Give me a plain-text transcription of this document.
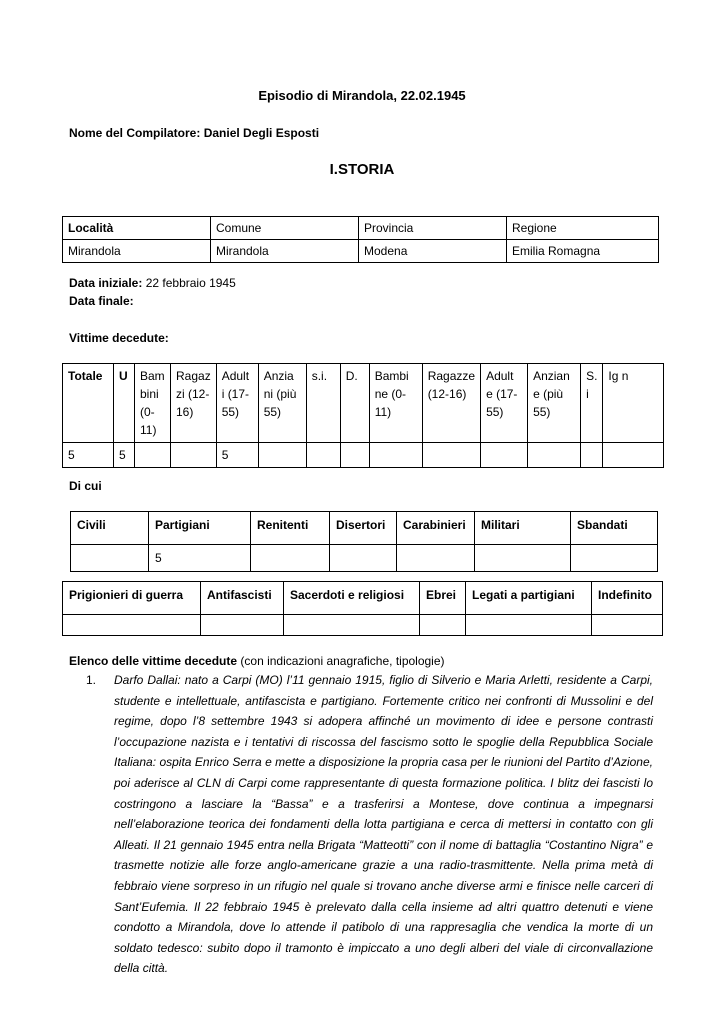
Episodio di Mirandola, 22.02.1945
Nome del Compilatore: Daniel Degli Esposti
I.STORIA
Località	Comune	Provincia	Regione
Mirandola	Mirandola	Modena	Emilia Romagna
Data iniziale: 22 febbraio 1945
Data finale:
Vittime decedute:
Totale	U	Bam bini (0-11)	Ragaz zi (12-16)	Adult i (17-55)	Anzia ni (più 55)	s.i.	D.	Bambi ne (0-11)	Ragazze (12-16)	Adult e (17-55)	Anzian e (più 55)	S. i	Ig n
5	5			5									
Di cui
Civili	Partigiani	Renitenti	Disertori	Carabinieri	Militari	Sbandati
	5					
Prigionieri di guerra	Antifascisti	Sacerdoti e religiosi	Ebrei	Legati a partigiani	Indefinito

Elenco delle vittime decedute (con indicazioni anagrafiche, tipologie)
1. Darfo Dallai: nato a Carpi (MO) l’11 gennaio 1915, figlio di Silverio e Maria Arletti, residente a Carpi, studente e intellettuale, antifascista e partigiano. Fortemente critico nei confronti di Mussolini e del regime, dopo l’8 settembre 1943 si adopera affinché un movimento di idee e persone contrasti l’occupazione nazista e i tentativi di riscossa del fascismo sotto le spoglie della Repubblica Sociale Italiana: ospita Enrico Serra e mette a disposizione la propria casa per le riunioni del Partito d’Azione, poi aderisce al CLN di Carpi come rappresentante di questa formazione politica. I blitz dei fascisti lo costringono a lasciare la “Bassa” e a trasferirsi a Montese, dove continua a impegnarsi nell’elaborazione teorica dei fondamenti della lotta partigiana e cerca di mettersi in contatto con gli Alleati. Il 21 gennaio 1945 entra nella Brigata “Matteotti” con il nome di battaglia “Costantino Nigra” e trasmette notizie alle forze anglo-americane grazie a una radio-trasmittente. Nella prima metà di febbraio viene sorpreso in un rifugio nel quale si trovano anche diverse armi e finisce nelle carceri di Sant’Eufemia. Il 22 febbraio 1945 è prelevato dalla cella insieme ad altri quattro detenuti e viene condotto a Mirandola, dove lo attende il patibolo di una rappresaglia che vendica la morte di un soldato tedesco: subito dopo il tramonto è impiccato a uno degli alberi del viale di circonvallazione della città.
